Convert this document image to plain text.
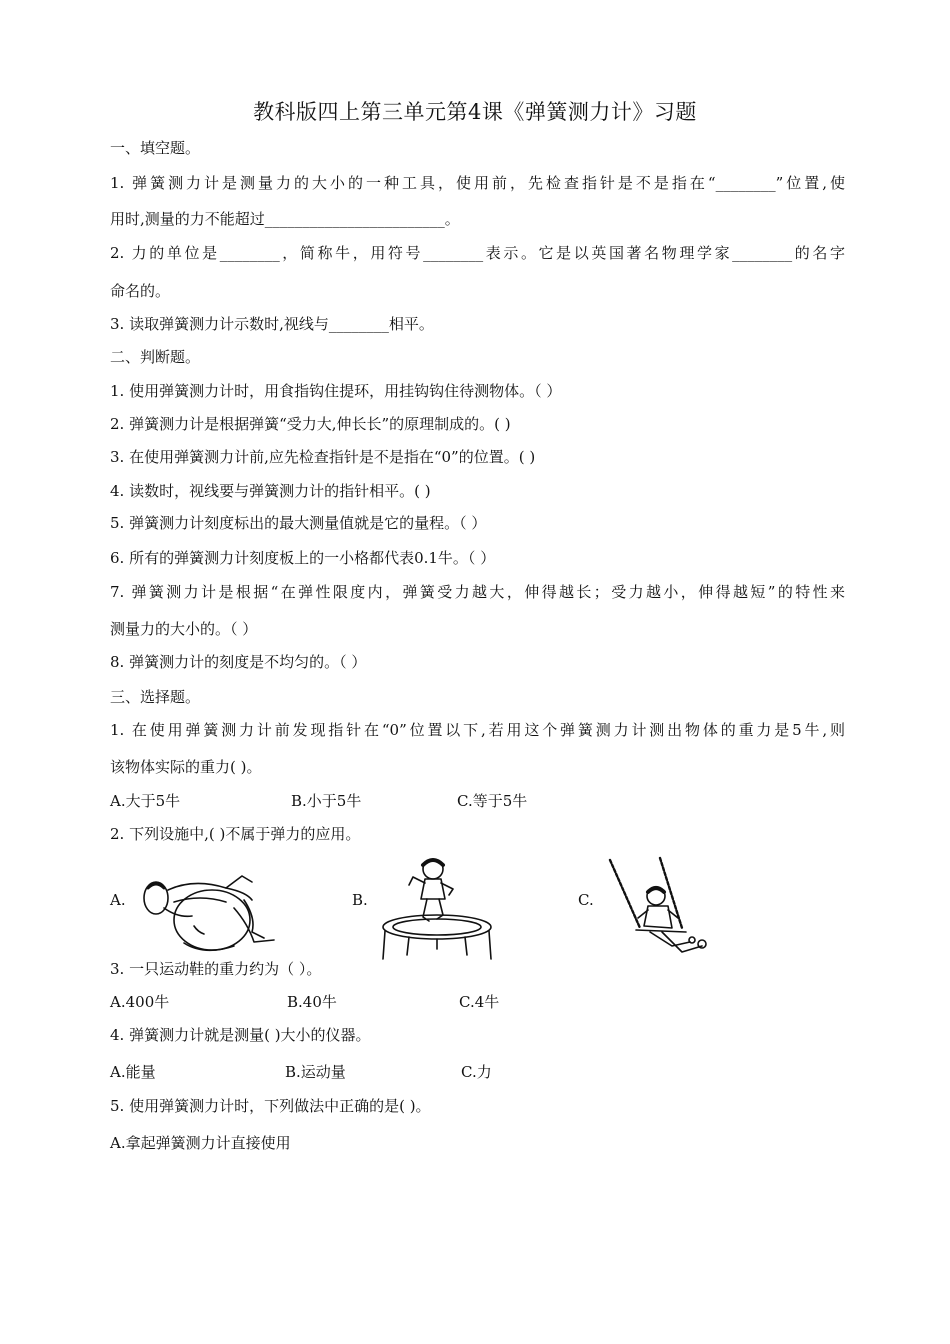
教科版四上第三单元第4课《弹簧测力计》习题
一、填空题。
1. 弹簧测力计是测量力的大小的一种工具，使用前，先检查指针是不是指在“________”位置,使
用时,测量的力不能超过________________________。
2. 力的单位是________，简称牛，用符号________表示。它是以英国著名物理学家________的名字
命名的。
3. 读取弹簧测力计示数时,视线与________相平。
二、判断题。
1. 使用弹簧测力计时，用食指钩住提环，用挂钩钩住待测物体。（ ）
2. 弹簧测力计是根据弹簧“受力大,伸长长”的原理制成的。( )
3. 在使用弹簧测力计前,应先检查指针是不是指在“0”的位置。( )
4. 读数时，视线要与弹簧测力计的指针相平。( )
5. 弹簧测力计刻度标出的最大测量值就是它的量程。（ ）
6. 所有的弹簧测力计刻度板上的一小格都代表0.1牛。（ ）
7. 弹簧测力计是根据“在弹性限度内，弹簧受力越大，伸得越长；受力越小，伸得越短”的特性来
测量力的大小的。（ ）
8. 弹簧测力计的刻度是不均匀的。（ ）
三、选择题。
1. 在使用弹簧测力计前发现指针在“0”位置以下,若用这个弹簧测力计测出物体的重力是5牛,则
该物体实际的重力( )。
A.大于5牛	B.小于5牛	C.等于5牛
2. 下列设施中,( )不属于弹力的应用。
A.	B.	C.
3. 一只运动鞋的重力约为（ ）。
A.400牛	B.40牛	C.4牛
4. 弹簧测力计就是测量( )大小的仪器。
A.能量	B.运动量	C.力
5. 使用弹簧测力计时，下列做法中正确的是( )。
A.拿起弹簧测力计直接使用
